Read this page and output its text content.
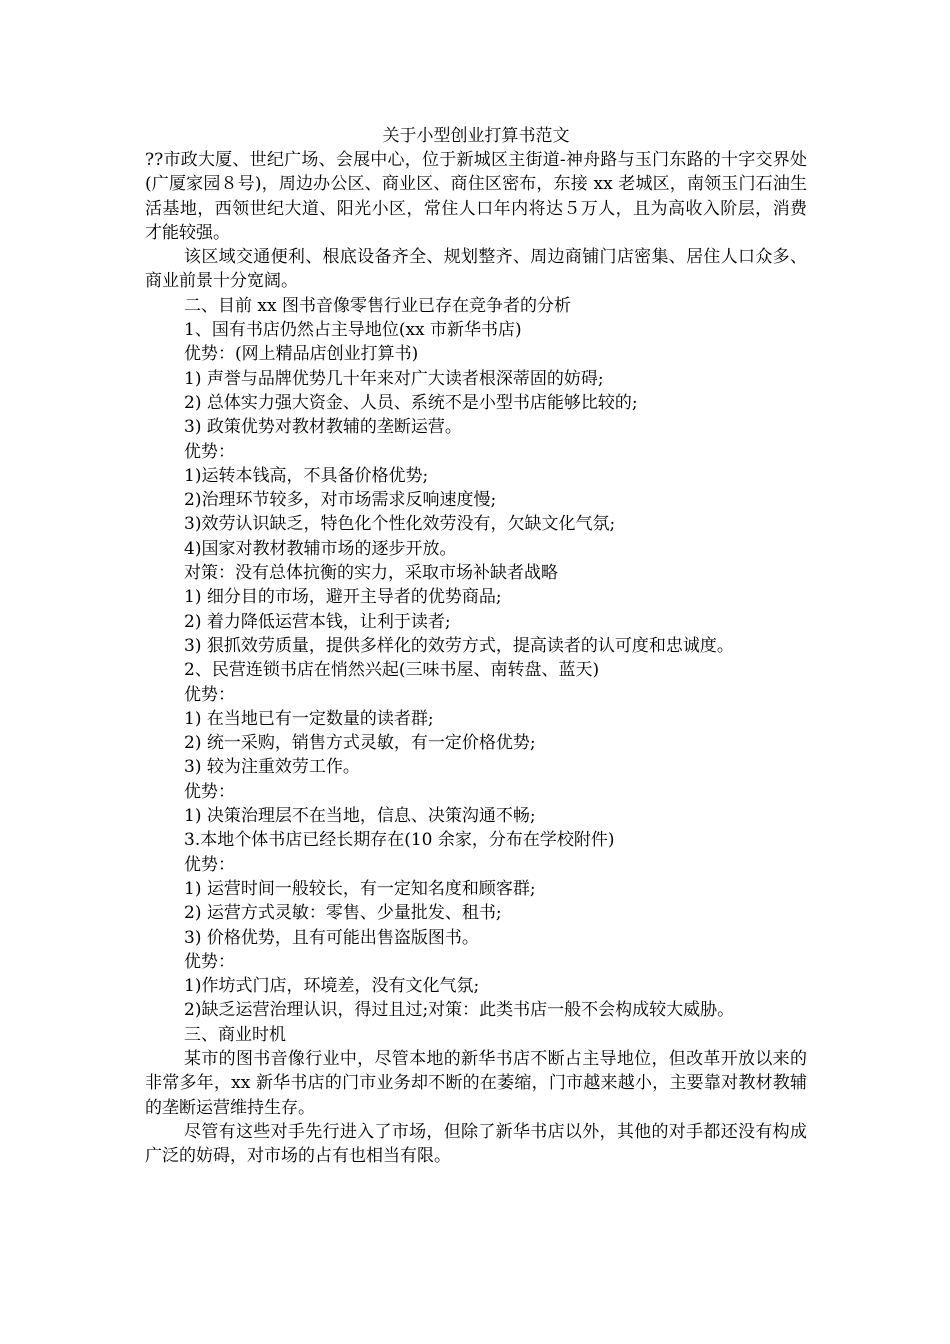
关于小型创业打算书范文

??市政大厦、世纪广场、会展中心，位于新城区主街道-神舟路与玉门东路的十字交界处(广厦家园８号)，周边办公区、商业区、商住区密布，东接 xx 老城区，南领玉门石油生活基地，西领世纪大道、阳光小区，常住人口年内将达５万人，且为高收入阶层，消费才能较强。

该区域交通便利、根底设备齐全、规划整齐、周边商铺门店密集、居住人口众多、商业前景十分宽阔。

二、目前 xx 图书音像零售行业已存在竞争者的分析

1、国有书店仍然占主导地位(xx 市新华书店)

优势：(网上精品店创业打算书)

1) 声誉与品牌优势几十年来对广大读者根深蒂固的妨碍;

2) 总体实力强大资金、人员、系统不是小型书店能够比较的;

3) 政策优势对教材教辅的垄断运营。

优势：

1)运转本钱高，不具备价格优势;

2)治理环节较多，对市场需求反响速度慢;

3)效劳认识缺乏，特色化个性化效劳没有，欠缺文化气氛;

4)国家对教材教辅市场的逐步开放。

对策：没有总体抗衡的实力，采取市场补缺者战略

1) 细分目的市场，避开主导者的优势商品;

2) 着力降低运营本钱，让利于读者;

3) 狠抓效劳质量，提供多样化的效劳方式，提高读者的认可度和忠诚度。

2、民营连锁书店在悄然兴起(三味书屋、南转盘、蓝天)

优势：

1) 在当地已有一定数量的读者群;

2) 统一采购，销售方式灵敏，有一定价格优势;

3) 较为注重效劳工作。

优势：

1) 决策治理层不在当地，信息、决策沟通不畅;

3.本地个体书店已经长期存在(10 余家，分布在学校附件)

优势：

1) 运营时间一般较长，有一定知名度和顾客群;

2) 运营方式灵敏：零售、少量批发、租书;

3) 价格优势，且有可能出售盗版图书。

优势：

1)作坊式门店，环境差，没有文化气氛;

2)缺乏运营治理认识，得过且过;对策：此类书店一般不会构成较大威胁。

三、商业时机

某市的图书音像行业中，尽管本地的新华书店不断占主导地位，但改革开放以来的非常多年，xx 新华书店的门市业务却不断的在萎缩，门市越来越小，主要靠对教材教辅的垄断运营维持生存。

尽管有这些对手先行进入了市场，但除了新华书店以外，其他的对手都还没有构成广泛的妨碍，对市场的占有也相当有限。
